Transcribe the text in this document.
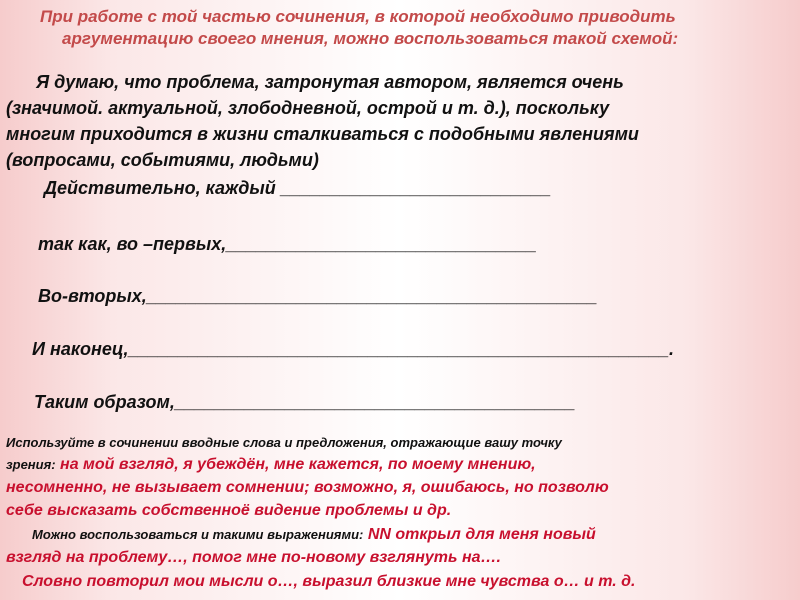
При работе с той частью сочинения, в которой необходимо приводить

аргументацию своего мнения, можно воспользоваться такой схемой:

Я думаю, что проблема, затронутая автором, является очень

(значимой. актуальной, злободневной, острой и т. д.), поскольку

многим приходится в жизни сталкиваться с подобными явлениями

(вопросами, событиями, людьми)

Действительно, каждый ___________________________

так как, во –первых,_______________________________

Во-вторых,_____________________________________________

И наконец,______________________________________________________.

Таким образом,________________________________________

Используйте в сочинении вводные слова и предложения, отражающие вашу точку

зрения: на мой взгляд, я убеждён, мне кажется, по моему мнению,

несомненно, не вызывает сомнении; возможно, я, ошибаюсь, но позволю

себе высказать собственноё видение проблемы и др.

Можно воспользоваться и такими выражениями: NN открыл для меня новый

взгляд на проблему…, помог мне по-новому взглянуть на….

Словно повторил мои мысли о…, выразил близкие мне чувства о… и т. д.
